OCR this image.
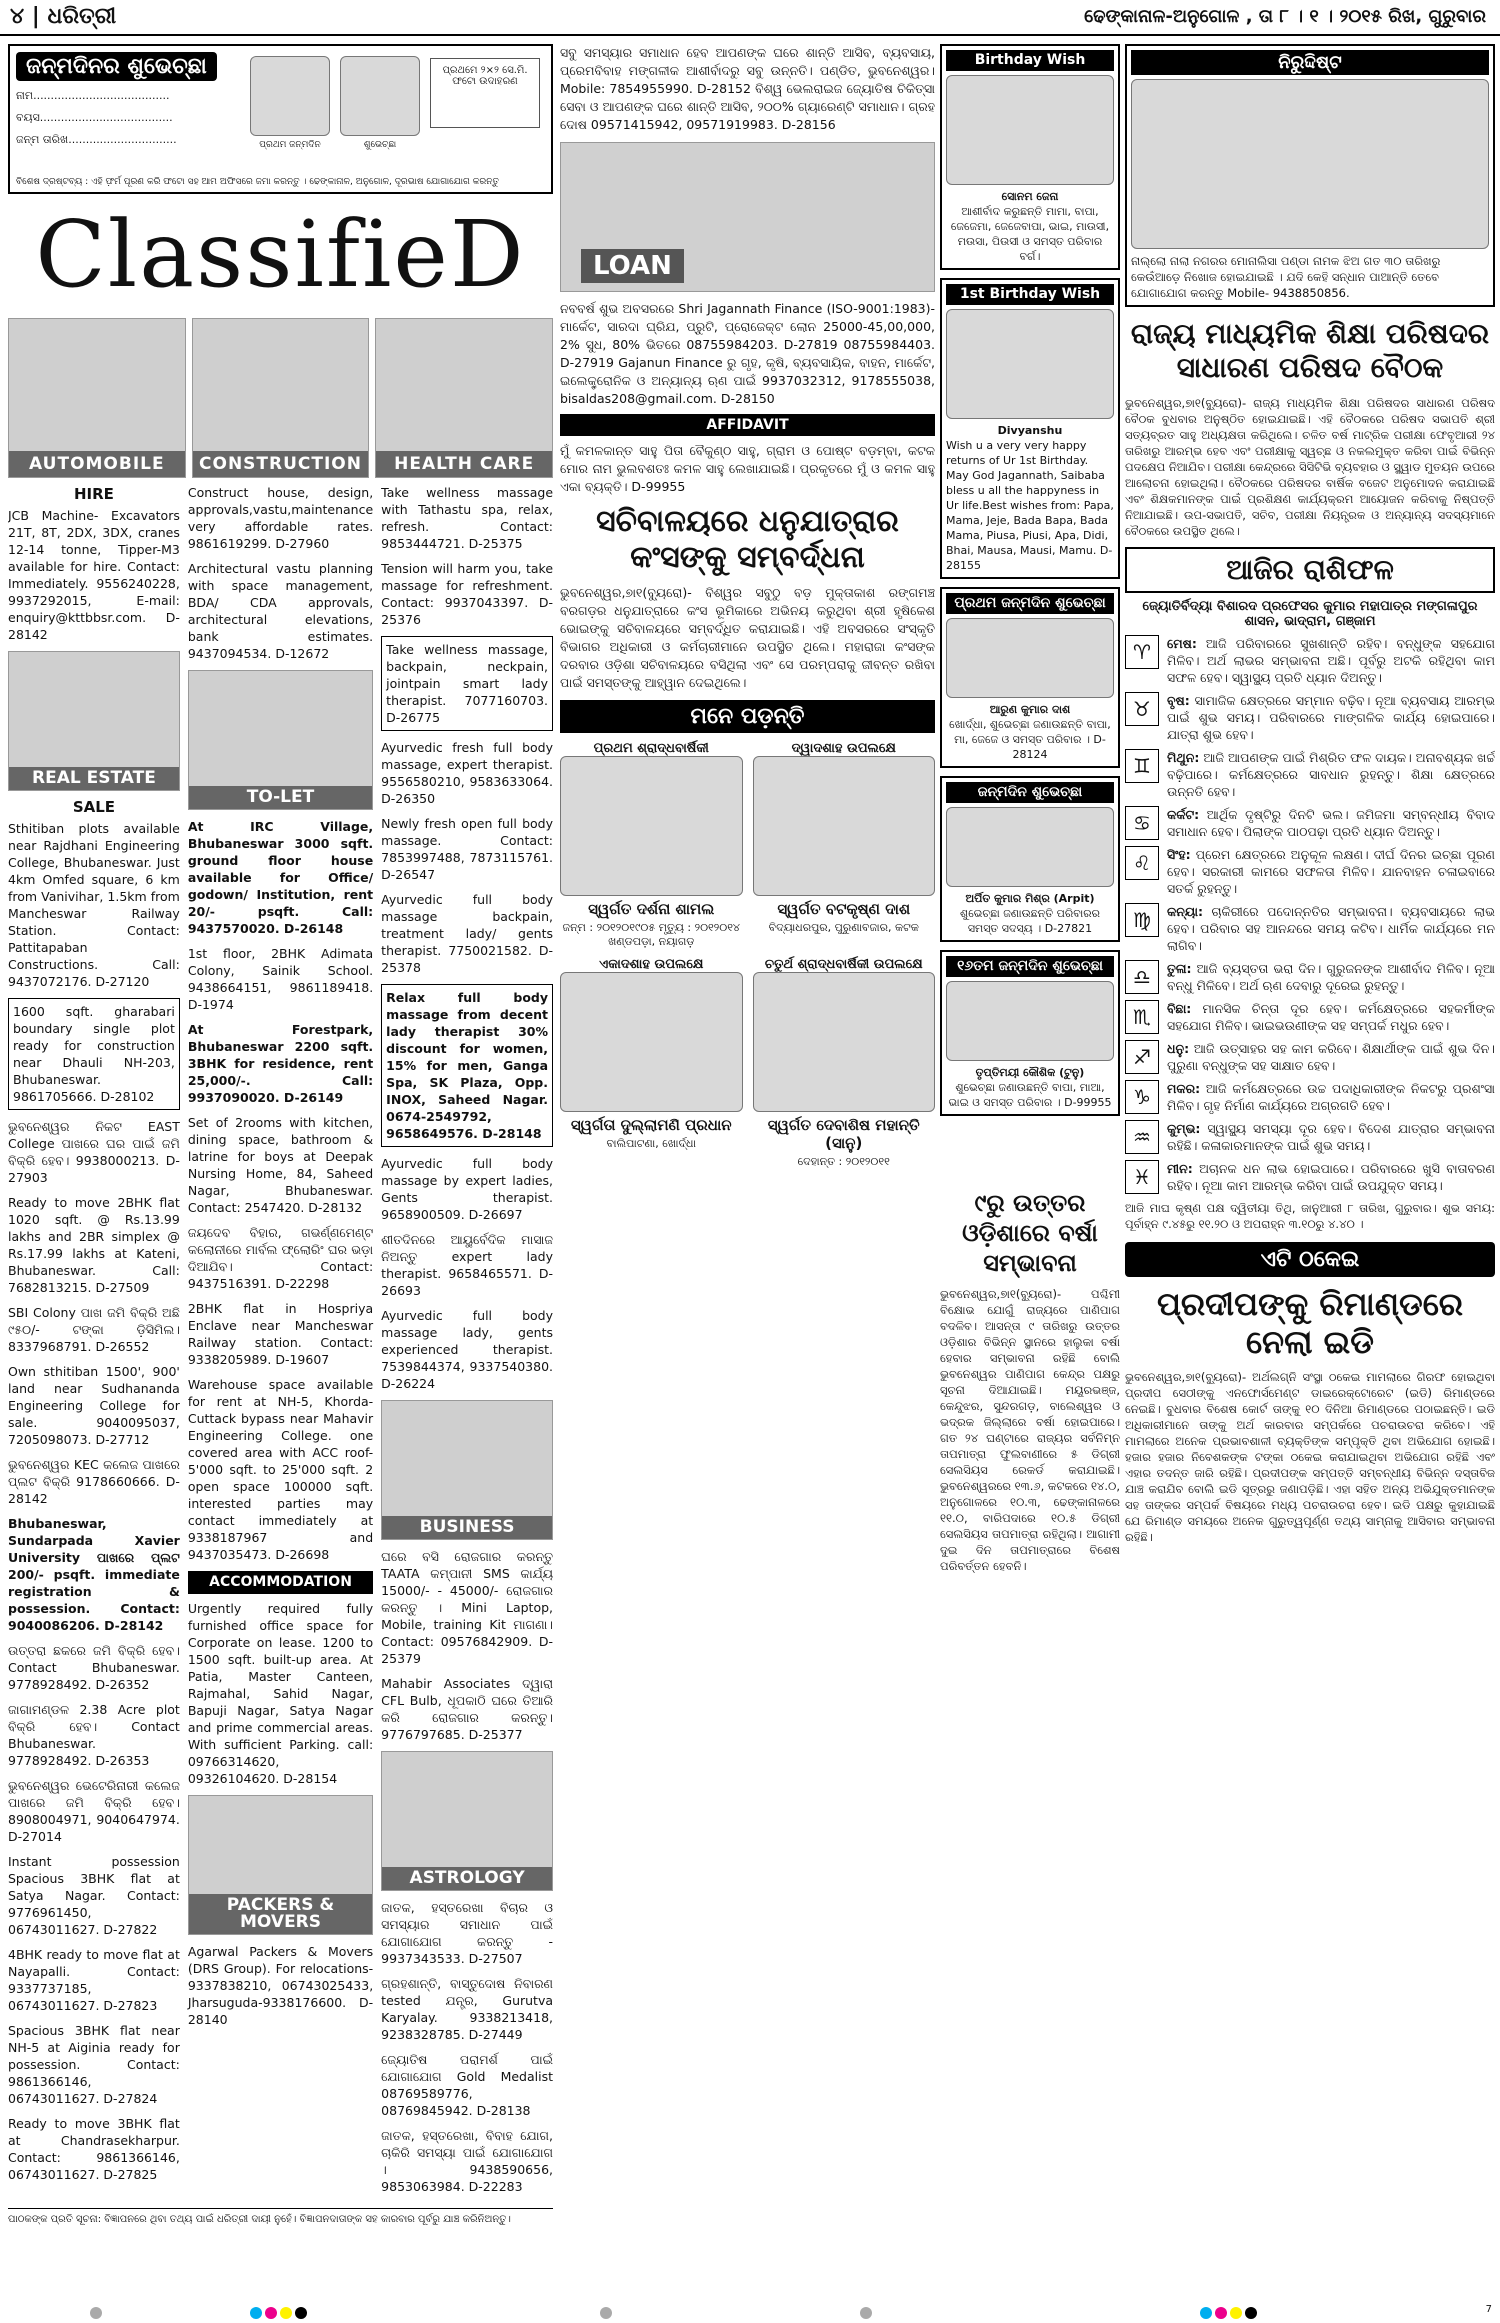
୪ | ଧରିତ୍ରୀ	ଢେଙ୍କାନାଳ-ଅନୁଗୋଳ , ତା ୮ । ୧ । ୨୦୧୫ ରିଖ, ଗୁରୁବାର
ଜନ୍ମଦିନର ଶୁଭେଚ୍ଛା
ନାମ.......................................
ବୟସ......................................
ଜନ୍ମ ତାରିଖ...............................
ପ୍ରଥମେ ୨×୨ ସେ.ମି. ଫଟୋ ଉଦାହରଣ
ପ୍ରଥମ ଜନ୍ମଦିନ	ଶୁଭେଚ୍ଛା
ବିଶେଷ ଦ୍ରଷ୍ଟବ୍ୟ : ଏହି ଫ଼ର୍ମ ପୂରଣ କରି ଫଟୋ ସହ ଆମ ଅଫିସରେ ଜମା କରନ୍ତୁ । ଢେଙ୍କାନାଳ, ଅନୁଗୋଳ, ଦୂରଭାଷ ଯୋଗାଯୋଗ କରନ୍ତୁ
ClassifieD
AUTOMOBILE	CONSTRUCTION	HEALTH CARE
HIRE
JCB Machine- Excavators 21T, 8T, 2DX, 3DX, cranes 12-14 tonne, Tipper-M3 available for hire. Contact: Immediately. 9556240228, 9937292015, E-mail: enquiry@kttbbsr.com. D-28142
REAL ESTATE
SALE
Sthitiban plots available near Rajdhani Engineering College, Bhubaneswar. Just 4km Omfed square, 6 km from Vanivihar, 1.5km from Mancheswar Railway Station. Contact: Pattitapaban Constructions. Call: 9437072176. D-27120
1600 sqft. gharabari boundary single plot ready for construction near Dhauli NH-203, Bhubaneswar. 9861705666. D-28102
ଭୁବନେଶ୍ୱର ନିକଟ EAST College ପାଖରେ ଘର ପାଇଁ ଜମି ବିକ୍ରି ହେବ। 9938000213. D-27903
Ready to move 2BHK flat 1020 sqft. @ Rs.13.99 lakhs and 2BR simplex @ Rs.17.99 lakhs at Kateni, Bhubaneswar. Call: 7682813215. D-27509
SBI Colony ପାଖ ଜମି ବିକ୍ରି ଅଛି ୯୫୦/- ଟଙ୍କା ଡ଼ିସିମିଲ। 8337968791. D-26552
Own sthitiban 1500', 900' land near Sudhananda Engineering College for sale. 9040095037, 7205098073. D-27712
ଭୁବନେଶ୍ୱର KEC କଲେଜ ପାଖରେ ପ୍ଲଟ ବିକ୍ରି 9178660666. D-28142
Bhubaneswar, Sundarpada Xavier University ପାଖରେ ପ୍ଲଟ 200/- psqft. immediate registration & possession. Contact: 9040086206. D-28142
ଉତ୍ତରା ଛକରେ ଜମି ବିକ୍ରି ହେବ। Contact Bhubaneswar. 9778928492. D-26352
ଜାଗାମଣ୍ଡଳ 2.38 Acre plot ବିକ୍ରି ହେବ। Contact Bhubaneswar. 9778928492. D-26353
ଭୁବନେଶ୍ୱର ଭେଟେରିନାରୀ କଲେଜ ପାଖରେ ଜମି ବିକ୍ରି ହେବ। 8908004971, 9040647974. D-27014
Instant possession Spacious 3BHK flat at Satya Nagar. Contact: 9776961450, 06743011627. D-27822
4BHK ready to move flat at Nayapalli. Contact: 9337737185, 06743011627. D-27823
Spacious 3BHK flat near NH-5 at Aiginia ready for possession. Contact: 9861366146, 06743011627. D-27824
Ready to move 3BHK flat at Chandrasekharpur. Contact: 9861366146, 06743011627. D-27825
Construct house, design, approvals,vastu,maintenance very affordable rates. 9861619299. D-27960
Architectural vastu planning with space management, BDA/ CDA approvals, architectural elevations, bank estimates. 9437094534. D-12672
TO-LET
At IRC Village, Bhubaneswar 3000 sqft. ground floor house available for Office/ godown/ Institution, rent 20/- psqft. Call: 9437570020. D-26148
1st floor, 2BHK Adimata Colony, Sainik School. 9438664151, 9861189418. D-1974
At Forestpark, Bhubaneswar 2200 sqft. 3BHK for residence, rent 25,000/-. Call: 9937090020. D-26149
Set of 2rooms with kitchen, dining space, bathroom & latrine for boys at Deepak Nursing Home, 84, Saheed Nagar, Bhubaneswar. Contact: 2547420. D-28132
ଜୟଦେବ ବିହାର, ଗଭର୍ଣ୍ଣମେଣ୍ଟ କଲୋନୀରେ ମାର୍ବଲ ଫ୍ଲୋରିଂ ଘର ଭଡ଼ା ଦିଆଯିବ। Contact: 9437516391. D-22298
2BHK flat in Hospriya Enclave near Mancheswar Railway station. Contact: 9338205989. D-19607
Warehouse space available for rent at NH-5, Khorda- Cuttack bypass near Mahavir Engineering College. one covered area with ACC roof-5'000 sqft. to 25'000 sqft. 2 open space 100000 sqft. interested parties may contact immediately at 9338187967 and 9437035473. D-26698
ACCOMMODATION
Urgently required fully furnished office space for Corporate on lease. 1200 to 1500 sqft. built-up area. At Patia, Master Canteen, Rajmahal, Sahid Nagar, Bapuji Nagar, Satya Nagar and prime commercial areas. With sufficient Parking. call: 09766314620, 09326104620. D-28154
PACKERS & MOVERS
Agarwal Packers & Movers (DRS Group). For relocations- 9337838210, 06743025433, Jharsuguda-9338176600. D-28140
Take wellness massage with Tathastu spa, relax, refresh. Contact: 9853444721. D-25375
Tension will harm you, take massage for refreshment. Contact: 9937043397. D-25376
Take wellness massage, backpain, neckpain, jointpain smart lady therapist. 7077160703. D-26775
Ayurvedic fresh full body massage, expert therapist. 9556580210, 9583633064. D-26350
Newly fresh open full body massage. Contact: 7853997488, 7873115761. D-26547
Ayurvedic full body massage backpain, treatment lady/ gents therapist. 7750021582. D-25378
Relax full body massage from decent lady therapist 30% discount for women, 15% for men, Ganga Spa, SK Plaza, Opp. INOX, Saheed Nagar. 0674-2549792, 9658649576. D-28148
Ayurvedic full body massage by expert ladies, Gents therapist. 9658900509. D-26697
ଶୀତଦିନରେ ଆୟୁର୍ବେଦିକ ମାସାଜ ନିଅନ୍ତୁ expert lady therapist. 9658465571. D-26693
Ayurvedic full body massage lady, gents experienced therapist. 7539844374, 9337540380. D-26224
BUSINESS
ଘରେ ବସି ରୋଜଗାର କରନ୍ତୁ TAATA କମ୍ପାନୀ SMS କାର୍ଯ୍ୟ 15000/- - 45000/- ରୋଜଗାର କରନ୍ତୁ । Mini Laptop, Mobile, training Kit ମାଗଣା। Contact: 09576842909. D-25379
Mahabir Associates ଦ୍ୱାରା CFL Bulb, ଧୂପକାଠି ଘରେ ତିଆରି କରି ରୋଜଗାର କରନ୍ତୁ। 9776797685. D-25377
ASTROLOGY
ଜାତକ, ହସ୍ତରେଖା ବିଚାର ଓ ସମସ୍ୟାର ସମାଧାନ ପାଇଁ ଯୋଗାଯୋଗ କରନ୍ତୁ - 9937343533. D-27507
ଗ୍ରହଶାନ୍ତି, ବାସ୍ତୁଦୋଷ ନିବାରଣ tested ଯନ୍ତ୍ର, Gurutva Karyalay. 9338213418, 9238328785. D-27449
ଜ୍ୟୋତିଷ ପରାମର୍ଶ ପାଇଁ ଯୋଗାଯୋଗ Gold Medalist 08769589776, 08769845942. D-28138
ଜାତକ, ହସ୍ତରେଖା, ବିବାହ ଯୋଗ, ଚାକିରି ସମସ୍ୟା ପାଇଁ ଯୋଗାଯୋଗ । 9438590656, 9853063984. D-22283
ପାଠକଙ୍କ ପ୍ରତି ସୂଚନା: ବିଜ୍ଞାପନରେ ଥିବା ତଥ୍ୟ ପାଇଁ ଧରିତ୍ରୀ ଦାୟୀ ନୁହେଁ। ବିଜ୍ଞାପନଦାତାଙ୍କ ସହ କାରବାର ପୂର୍ବରୁ ଯାଞ୍ଚ କରିନିଅନ୍ତୁ।
ସବୁ ସମସ୍ୟାର ସମାଧାନ ହେବ ଆପଣଙ୍କ ଘରେ ଶାନ୍ତି ଆସିବ, ବ୍ୟବସାୟ, ପ୍ରେମବିବାହ ମଙ୍ଗଳୀକ ଆଶୀର୍ବାଦରୁ ସବୁ ଉନ୍ନତି। ପଣ୍ଡିତ, ଭୁବନେଶ୍ୱର। Mobile: 7854955990. D-28152 ବିଶ୍ୱ ଭେଲରାଇଜ ଜ୍ୟୋତିଷ ଚିକିତ୍ସା ସେବା ଓ ଆପଣଙ୍କ ଘରେ ଶାନ୍ତି ଆସିବ, ୨୦୦% ଗ୍ୟାରେଣ୍ଟି ସମାଧାନ। ଗ୍ରହ ଦୋଷ 09571415942, 09571919983. D-28156
LOAN
ନବବର୍ଷ ଶୁଭ ଅବସରରେ Shri Jagannath Finance (ISO-9001:1983)- ମାର୍କେଟ, ସାରଦା ଘ୍ରିଯ, ପ୍ରୁଟି, ପ୍ରୋଜେକ୍ଟ ଲୋନ 25000-45,00,000, 2% ସୁଧ, 80% ଭିତରେ 08755984203. D-27819 08755984403. D-27919 Gajanun Finance ରୁ ଗୃହ, କୃଷି, ବ୍ୟବସାୟିକ, ବାହନ, ମାର୍କେଟ, ଇଲେକ୍ଟ୍ରୋନିକ ଓ ଅନ୍ୟାନ୍ୟ ଋଣ ପାଇଁ 9937032312, 9178555038, bisaldas208@gmail.com. D-28150
AFFIDAVIT
ମୁଁ କମଳକାନ୍ତ ସାହୁ ପିତା ବୈକୁଣ୍ଠ ସାହୁ, ଗ୍ରାମ ଓ ପୋଷ୍ଟ ବଡ଼ମ୍ବା, କଟକ ମୋର ନାମ ଭୁଲବଶତଃ କମଳ ସାହୁ ଲେଖାଯାଇଛି। ପ୍ରକୃତରେ ମୁଁ ଓ କମଳ ସାହୁ ଏକା ବ୍ୟକ୍ତି। D-99955
ସଚିବାଳୟରେ ଧନୁଯାତ୍ରାର କଂସଙ୍କୁ ସମ୍ବର୍ଦ୍ଧନା
ଭୁବନେଶ୍ୱର,୭ା୧(ବ୍ୟୁରୋ)- ବିଶ୍ୱର ସବୁଠୁ ବଡ଼ ମୁକ୍ତାକାଶ ରଙ୍ଗମଞ୍ଚ ବରଗଡ଼ର ଧନୁଯାତ୍ରାରେ କଂସ ଭୂମିକାରେ ଅଭିନୟ କରୁଥିବା ଶ୍ରୀ ହୃଷିକେଶ ଭୋଇଙ୍କୁ ସଚିବାଳୟରେ ସମ୍ବର୍ଦ୍ଧିତ କରାଯାଇଛି। ଏହି ଅବସରରେ ସଂସ୍କୃତି ବିଭାଗର ଅଧିକାରୀ ଓ କର୍ମଚାରୀମାନେ ଉପସ୍ଥିତ ଥିଲେ। ମହାରାଜା କଂସଙ୍କ ଦରବାର ଓଡ଼ିଶା ସଚିବାଳୟରେ ବସିଥିଲା ଏବଂ ସେ ପରମ୍ପରାକୁ ଜୀବନ୍ତ ରଖିବା ପାଇଁ ସମସ୍ତଙ୍କୁ ଆହ୍ୱାନ ଦେଇଥିଲେ।
ମନେ ପଡ଼ନ୍ତି
ପ୍ରଥମ ଶ୍ରାଦ୍ଧବାର୍ଷିକୀ
ସ୍ୱର୍ଗତ ଦର୍ଶନା ଶାମଲ
ଜନ୍ମ : ୨୦୧୨୦୧୯୦୫ ମୃତ୍ୟୁ : ୨୦୧୨୦୧୪ ଖଣ୍ଡପଡ଼ା, ନୟାଗଡ଼
ଦ୍ୱାଦଶାହ ଉପଲକ୍ଷେ
ସ୍ୱର୍ଗତ ବଟକୃଷ୍ଣ ଦାଶ
ବିଦ୍ୟାଧରପୁର, ପୁରୁଣାବଜାର, କଟକ
ଏକାଦଶାହ ଉପଲକ୍ଷେ
ସ୍ୱର୍ଗତା ଦୁଲ୍ଲାମଣି ପ୍ରଧାନ
ବାଲିପାଟଣା, ଖୋର୍ଦ୍ଧା
ଚତୁର୍ଥ ଶ୍ରାଦ୍ଧବାର୍ଷିକୀ ଉପଲକ୍ଷେ
ସ୍ୱର୍ଗତ ଦେବାଶିଷ ମହାନ୍ତି (ସାନୁ)
ଦେହାନ୍ତ : ୨୦୧୨୦୧୧
Birthday Wish
ସୋନମ ଜେନା
ଆଶୀର୍ବାଦ କରୁଛନ୍ତି ମାମା, ବାପା, ଜେଜେମା, ଜେଜେବାପା, ଭାଇ, ମାଉସୀ, ମଉସା, ପିଉସୀ ଓ ସମସ୍ତ ପରିବାର ବର୍ଗ।
1st Birthday Wish
Divyanshu
Wish u a very very happy returns of Ur 1st Birthday. May God Jagannath, Saibaba bless u all the happyness in Ur life.Best wishes from: Papa, Mama, Jeje, Bada Bapa, Bada Mama, Piusa, Piusi, Apa, Didi, Bhai, Mausa, Mausi, Mamu. D-28155
ପ୍ରଥମ ଜନ୍ମଦିନ ଶୁଭେଚ୍ଛା
ଆରୁଣ କୁମାର ଦାଶ
ଖୋର୍ଦ୍ଧା, ଶୁଭେଚ୍ଛା ଜଣାଉଛନ୍ତି ବାପା, ମା, ଜେଜେ ଓ ସମସ୍ତ ପରିବାର । D-28124
ଜନ୍ମଦିନ ଶୁଭେଚ୍ଛା
ଅର୍ପିତ କୁମାର ମିଶ୍ର (Arpit)
ଶୁଭେଚ୍ଛା ଜଣାଉଛନ୍ତି ପରିବାରର ସମସ୍ତ ସଦସ୍ୟ । D-27821
୧୬ତମ ଜନ୍ମଦିନ ଶୁଭେଚ୍ଛା
ତୃପ୍ତିମୟୀ କୌଶିକ (ଟୁନୁ)
ଶୁଭେଚ୍ଛା ଜଣାଉଛନ୍ତି ବାପା, ମାଆ, ଭାଇ ଓ ସମସ୍ତ ପରିବାର । D-99955
୯ରୁ ଉତ୍ତର ଓଡ଼ିଶାରେ ବର୍ଷା ସମ୍ଭାବନା
ଭୁବନେଶ୍ୱର,୭ା୧(ବ୍ୟୁରୋ)- ପଶ୍ଚିମୀ ବିକ୍ଷୋଭ ଯୋଗୁଁ ରାଜ୍ୟରେ ପାଣିପାଗ ବଦଳିବ। ଆସନ୍ତା ୯ ତାରିଖରୁ ଉତ୍ତର ଓଡ଼ିଶାର ବିଭିନ୍ନ ସ୍ଥାନରେ ହାଲୁକା ବର୍ଷା ହେବାର ସମ୍ଭାବନା ରହିଛି ବୋଲି ଭୁବନେଶ୍ୱର ପାଣିପାଗ କେନ୍ଦ୍ର ପକ୍ଷରୁ ସୂଚନା ଦିଆଯାଇଛି। ମୟୂରଭଞ୍ଜ, କେନ୍ଦୁଝର, ସୁନ୍ଦରଗଡ଼, ବାଲେଶ୍ୱର ଓ ଭଦ୍ରକ ଜିଲ୍ଲାରେ ବର୍ଷା ହୋଇପାରେ। ଗତ ୨୪ ଘଣ୍ଟାରେ ରାଜ୍ୟର ସର୍ବନିମ୍ନ ତାପମାତ୍ରା ଫୁଲବାଣୀରେ ୫ ଡିଗ୍ରୀ ସେଲସିୟସ ରେକର୍ଡ କରାଯାଇଛି। ଭୁବନେଶ୍ୱରରେ ୧୩.୬, କଟକରେ ୧୪.୦, ଅନୁଗୋଳରେ ୧୦.୩, ଢେଙ୍କାନାଳରେ ୧୧.୦, ବାରିପଦାରେ ୧୦.୫ ଡିଗ୍ରୀ ସେଲସିୟସ ତାପମାତ୍ରା ରହିଥିଲା। ଆଗାମୀ ଦୁଇ ଦିନ ତାପମାତ୍ରାରେ ବିଶେଷ ପରିବର୍ତ୍ତନ ହେବନି।
ନିରୁଦ୍ଦିଷ୍ଟ
ନାଲ୍ଲୋ ନାଲା ନଗରର ମୋନାଲିସା ପଣ୍ଡା ନାମକ ଝିଅ ଗତ ୩୦ ତାରିଖରୁ କେଉଁଆଡ଼େ ନିଖୋଜ ହୋଇଯାଇଛି । ଯଦି କେହି ସନ୍ଧାନ ପାଆନ୍ତି ତେବେ ଯୋଗାଯୋଗ କରନ୍ତୁ Mobile- 9438850856.
ରାଜ୍ୟ ମାଧ୍ୟମିକ ଶିକ୍ଷା ପରିଷଦର ସାଧାରଣ ପରିଷଦ ବୈଠକ
ଭୁବନେଶ୍ୱର,୭ା୧(ବ୍ୟୁରୋ)- ରାଜ୍ୟ ମାଧ୍ୟମିକ ଶିକ୍ଷା ପରିଷଦର ସାଧାରଣ ପରିଷଦ ବୈଠକ ବୁଧବାର ଅନୁଷ୍ଠିତ ହୋଇଯାଇଛି। ଏହି ବୈଠକରେ ପରିଷଦ ସଭାପତି ଶ୍ରୀ ସତ୍ୟବ୍ରତ ସାହୁ ଅଧ୍ୟକ୍ଷତା କରିଥିଲେ। ଚଳିତ ବର୍ଷ ମାଟ୍ରିକ ପରୀକ୍ଷା ଫେବୃଆରୀ ୨୪ ତାରିଖରୁ ଆରମ୍ଭ ହେବ ଏବଂ ପରୀକ୍ଷାକୁ ସ୍ୱଚ୍ଛ ଓ ନକଲମୁକ୍ତ କରିବା ପାଇଁ ବିଭିନ୍ନ ପଦକ୍ଷେପ ନିଆଯିବ। ପରୀକ୍ଷା କେନ୍ଦ୍ରରେ ସିସିଟିଭି ବ୍ୟବହାର ଓ ସ୍କ୍ୱାଡ ମୁତୟନ ଉପରେ ଆଲୋଚନା ହୋଇଥିଲା। ବୈଠକରେ ପରିଷଦର ବାର୍ଷିକ ବଜେଟ ଅନୁମୋଦନ କରାଯାଇଛି ଏବଂ ଶିକ୍ଷକମାନଙ୍କ ପାଇଁ ପ୍ରଶିକ୍ଷଣ କାର୍ଯ୍ୟକ୍ରମ ଆୟୋଜନ କରିବାକୁ ନିଷ୍ପତ୍ତି ନିଆଯାଇଛି। ଉପ-ସଭାପତି, ସଚିବ, ପରୀକ୍ଷା ନିୟନ୍ତ୍ରକ ଓ ଅନ୍ୟାନ୍ୟ ସଦସ୍ୟମାନେ ବୈଠକରେ ଉପସ୍ଥିତ ଥିଲେ।
ଆଜିର ରାଶିଫଳ
ଜ୍ୟୋତିର୍ବିଦ୍ୟା ବିଶାରଦ ପ୍ରଫେସର କୁମାର ମହାପାତ୍ର ମଙ୍ଗଳାପୁର ଶାସନ, ଭାଦ୍ରାମ, ଗଞ୍ଜାମ
♈	ମେଷ: ଆଜି ପରିବାରରେ ସୁଖଶାନ୍ତି ରହିବ। ବନ୍ଧୁଙ୍କ ସହଯୋଗ ମିଳିବ। ଅର୍ଥ ଲାଭର ସମ୍ଭାବନା ଅଛି। ପୂର୍ବରୁ ଅଟକି ରହିଥିବା କାମ ସଫଳ ହେବ। ସ୍ୱାସ୍ଥ୍ୟ ପ୍ରତି ଧ୍ୟାନ ଦିଅନ୍ତୁ।
♉	ବୃଷ: ସାମାଜିକ କ୍ଷେତ୍ରରେ ସମ୍ମାନ ବଢ଼ିବ। ନୂଆ ବ୍ୟବସାୟ ଆରମ୍ଭ ପାଇଁ ଶୁଭ ସମୟ। ପରିବାରରେ ମାଙ୍ଗଳିକ କାର୍ଯ୍ୟ ହୋଇପାରେ। ଯାତ୍ରା ଶୁଭ ହେବ।
♊	ମିଥୁନ: ଆଜି ଆପଣଙ୍କ ପାଇଁ ମିଶ୍ରିତ ଫଳ ଦାୟକ। ଅନାବଶ୍ୟକ ଖର୍ଚ୍ଚ ବଢ଼ିପାରେ। କର୍ମକ୍ଷେତ୍ରରେ ସାବଧାନ ରୁହନ୍ତୁ। ଶିକ୍ଷା କ୍ଷେତ୍ରରେ ଉନ୍ନତି ହେବ।
♋	କର୍କଟ: ଆର୍ଥିକ ଦୃଷ୍ଟିରୁ ଦିନଟି ଭଲ। ଜମିଜମା ସମ୍ବନ୍ଧୀୟ ବିବାଦ ସମାଧାନ ହେବ। ପିଲାଙ୍କ ପାଠପଢ଼ା ପ୍ରତି ଧ୍ୟାନ ଦିଅନ୍ତୁ।
♌	ସିଂହ: ପ୍ରେମ କ୍ଷେତ୍ରରେ ଅନୁକୂଳ ଲକ୍ଷଣ। ଦୀର୍ଘ ଦିନର ଇଚ୍ଛା ପୂରଣ ହେବ। ସରକାରୀ କାମରେ ସଫଳତା ମିଳିବ। ଯାନବାହନ ଚଳାଇବାରେ ସତର୍କ ରୁହନ୍ତୁ।
♍	କନ୍ୟା: ଚାକିରୀରେ ପଦୋନ୍ନତିର ସମ୍ଭାବନା। ବ୍ୟବସାୟରେ ଲାଭ ହେବ। ପରିବାର ସହ ଆନନ୍ଦରେ ସମୟ କଟିବ। ଧାର୍ମିକ କାର୍ଯ୍ୟରେ ମନ ଲାଗିବ।
♎	ତୁଳା: ଆଜି ବ୍ୟସ୍ତତା ଭରା ଦିନ। ଗୁରୁଜନଙ୍କ ଆଶୀର୍ବାଦ ମିଳିବ। ନୂଆ ବନ୍ଧୁ ମିଳିବେ। ଅର୍ଥ ଋଣ ଦେବାରୁ ଦୂରେଇ ରୁହନ୍ତୁ।
♏	ବିଛା: ମାନସିକ ଚିନ୍ତା ଦୂର ହେବ। କର୍ମକ୍ଷେତ୍ରରେ ସହକର୍ମୀଙ୍କ ସହଯୋଗ ମିଳିବ। ଭାଇଭଉଣୀଙ୍କ ସହ ସମ୍ପର୍କ ମଧୁର ହେବ।
♐	ଧନୁ: ଆଜି ଉତ୍ସାହର ସହ କାମ କରିବେ। ଶିକ୍ଷାର୍ଥୀଙ୍କ ପାଇଁ ଶୁଭ ଦିନ। ପୁରୁଣା ବନ୍ଧୁଙ୍କ ସହ ସାକ୍ଷାତ ହେବ।
♑	ମକର: ଆଜି କର୍ମକ୍ଷେତ୍ରରେ ଉଚ୍ଚ ପଦାଧିକାରୀଙ୍କ ନିକଟରୁ ପ୍ରଶଂସା ମିଳିବ। ଗୃହ ନିର୍ମାଣ କାର୍ଯ୍ୟରେ ଅଗ୍ରଗତି ହେବ।
♒	କୁମ୍ଭ: ସ୍ୱାସ୍ଥ୍ୟ ସମସ୍ୟା ଦୂର ହେବ। ବିଦେଶ ଯାତ୍ରାର ସମ୍ଭାବନା ରହିଛି। କଳାକାରମାନଙ୍କ ପାଇଁ ଶୁଭ ସମୟ।
♓	ମୀନ: ଅଚାନକ ଧନ ଲାଭ ହୋଇପାରେ। ପରିବାରରେ ଖୁସି ବାତାବରଣ ରହିବ। ନୂଆ କାମ ଆରମ୍ଭ କରିବା ପାଇଁ ଉପଯୁକ୍ତ ସମୟ।
ଆଜି ମାଘ କୃଷ୍ଣ ପକ୍ଷ ଦ୍ୱିତୀୟା ତିଥି, ଜାନୁଆରୀ ୮ ତାରିଖ, ଗୁରୁବାର। ଶୁଭ ସମୟ: ପୂର୍ବାହ୍ନ ୯.୪୫ରୁ ୧୧.୨୦ ଓ ଅପରାହ୍ନ ୩.୧୦ରୁ ୪.୪୦ ।
ଏଟି ଠକେଇ
ପ୍ରଦୀପଙ୍କୁ ରିମାଣ୍ଡରେ ନେଲା ଇଡି
ଭୁବନେଶ୍ୱର,୭ା୧(ବ୍ୟୁରୋ)- ଅର୍ଥଲଗ୍ନି ସଂସ୍ଥା ଠକେଇ ମାମଲାରେ ଗିରଫ ହୋଇଥିବା ପ୍ରଦୀପ ସେଠୀଙ୍କୁ ଏନଫୋର୍ସମେଣ୍ଟ ଡାଇରେକ୍ଟୋରେଟ (ଇଡି) ରିମାଣ୍ଡରେ ନେଇଛି। ବୁଧବାର ବିଶେଷ କୋର୍ଟ ତାଙ୍କୁ ୧୦ ଦିନିଆ ରିମାଣ୍ଡରେ ପଠାଇଛନ୍ତି। ଇଡି ଅଧିକାରୀମାନେ ତାଙ୍କୁ ଅର୍ଥ କାରବାର ସମ୍ପର୍କରେ ପଚରାଉଚରା କରିବେ। ଏହି ମାମଲାରେ ଅନେକ ପ୍ରଭାବଶାଳୀ ବ୍ୟକ୍ତିଙ୍କ ସମ୍ପୃକ୍ତି ଥିବା ଅଭିଯୋଗ ହୋଇଛି। ହଜାର ହଜାର ନିବେଶକଙ୍କ ଟଙ୍କା ଠକେଇ କରାଯାଇଥିବା ଅଭିଯୋଗ ରହିଛି ଏବଂ ଏହାର ତଦନ୍ତ ଜାରି ରହିଛି। ପ୍ରଦୀପଙ୍କ ସମ୍ପତ୍ତି ସମ୍ବନ୍ଧୀୟ ବିଭିନ୍ନ ଦସ୍ତାବିଜ ଯାଞ୍ଚ କରାଯିବ ବୋଲି ଇଡି ସୂତ୍ରରୁ ଜଣାପଡ଼ିଛି। ଏହା ସହିତ ଅନ୍ୟ ଅଭିଯୁକ୍ତମାନଙ୍କ ସହ ତାଙ୍କର ସମ୍ପର୍କ ବିଷୟରେ ମଧ୍ୟ ପଚରାଉଚରା ହେବ। ଇଡି ପକ୍ଷରୁ କୁହାଯାଇଛି ଯେ ରିମାଣ୍ଡ ସମୟରେ ଅନେକ ଗୁରୁତ୍ୱପୂର୍ଣ୍ଣ ତଥ୍ୟ ସାମ୍ନାକୁ ଆସିବାର ସମ୍ଭାବନା ରହିଛି।
7
